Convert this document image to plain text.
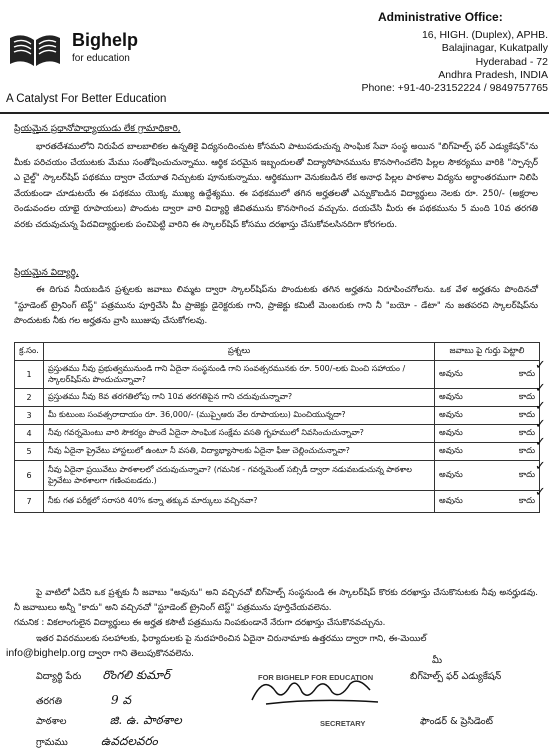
Bighelp
for education
Administrative Office:
16, HIGH. (Duplex), APHB.
Balajinagar, Kukatpally
Hyderabad - 72
Andhra Pradesh, INDIA
Phone: +91-40-23152224 / 9849757765
A Catalyst For Better Education
ప్రియమైన ప్రధానోపాధ్యాయుడు లేక గ్రామాధికారి,
భారతదేశములోని నిరుపేద బాలబాలికల ఉన్నతికై విద్యనందించుట కోసమని పాటుపడుచున్న సాంఘిక సేవా సంస్థ అయిన "బిగ్‌హెల్ప్ ఫర్ ఎడ్యుకేషన్"ను మీకు పరిచయం చేయుటకు మేము సంతోషించుచున్నాము. ఆర్థిక పరమైన ఇబ్బందులతో విద్యాసోపానమును కొనసాగించలేని పిల్లల సౌకర్యము వారికి "స్పాన్సర్ ఎ చైల్డ్" స్కాలర్‌షిప్ పథకము ద్వారా చేయూత నిచ్చుటకు పూనుకున్నాము. ఆర్థికముగా వెనుకబడిన లేక అనాధ పిల్లల పాఠశాల విద్యను అర్ధాంతరముగా నిలిపి వేయకుండా చూడుటయే ఈ పథకము యొక్క ముఖ్య ఉద్దేశ్యము. ఈ పథకములో తగిన అర్హతలతో ఎన్నుకొబడిన విద్యార్థులు నెలకు రూ. 250/- (అక్షరాల రెండువందల యాభై రూపాయలు) పొందుట ద్వారా వారి విద్యార్థి జీవితమును కొనసాగించ వచ్చును. దయచేసి మీరు ఈ పథకమును 5 మంది 10వ తరగతి వరకు చదువుచున్న పేదవిద్యార్థులకు పంచిపెట్టి వారిని ఈ స్కాలర్‌షిప్ కోసము దరఖాస్తు చేసుకోవలసినదిగా కోరగలరు.
ప్రియమైన విద్యార్థి,
ఈ దిగువ నీయబడిన ప్రశ్నలకు జవాబు లిమ్మట ద్వారా స్కాలర్‌షిప్‌ను పొందుటకు తగిన అర్హతను నిరూపించగోలను. ఒక వేళ అర్హతను పొందినచో "స్టూడెంట్ ట్రైనింగ్ టెస్ట్" పత్రమును పూర్తిచేసి మీ ప్రాజెక్టు డైరెక్టరుకు గాని, ప్రాజెక్టు కమిటీ మెంబరుకు గాని నీ "బయో - డేటా" ను జతపరచి స్కాలర్‌షిప్‌ను పొందుటకు నీకు గల అర్హతను వ్రాసి ఋజువు చేసుకోగలవు.
క్ర.సం.	ప్రశ్నలు	జవాబు పై గుర్తు పెట్టాలి
1	ప్రస్తుతము నీవు ప్రభుత్వమునుండి గాని ఏదైనా సంస్థనుండి గాని సంవత్సరమునకు రూ. 500/-లకు మించి సహాయం / స్కాలర్‌షిప్‌ను పొందుచున్నావా?	అవును కాదు ✓

2	ప్రస్తుతము నీవు 8వ తరగతిలోపు గాని 10వ తరగతిపైన గాని చదువుచున్నావా?	అవును కాదు ✓

3	మీ కుటుంబ సంవత్సరాదాయం రూ. 36,000/- (ముప్పైఆరు వేల రూపాయలు) మించియున్నదా?	అవును కాదు ✓

4	నీవు గవర్నమెంటు వారి సౌకర్యం పొందే ఏదైనా సాంఘిక సంక్షేమ వసతి గృహములో నివసించుచున్నావా?	అవును కాదు ✓

5	నీవు ఏదైనా ప్రైవేటు హాస్టలులో ఉంటూ నీ వసతి, విద్యాభ్యాసాలకు ఏదైనా ఫీజు చెల్లించుచున్నావా?	అవును కాదు ✓

6	నీవు ఏదైనా ప్రయివేటు పాఠశాలలో చదువుచున్నావా? (గమనిక - గవర్నమెంట్ సబ్సిడీ ద్వారా నడువబడుచున్న పాఠశాల ప్రైవేటు పాఠశాలగా గణింపబడదు.)	అవును కాదు ✓

7	నీకు గత పరీక్షలో సరాసరి 40% కన్నా తక్కువ మార్కులు వచ్చినవా?	అవును కాదు ✓
పై వాటిలో ఏదేని ఒక ప్రశ్నకు నీ జవాబు "అవును" అని వచ్చినచో బిగ్‌హెల్ప్ సంస్థనుండి ఈ స్కాలర్‌షిప్ కొరకు దరఖాస్తు చేసుకొనుటకు నీవు అనర్హుడవు. నీ జవాబులు అన్నీ "కాదు" అని వచ్చినచో "స్టూడెంట్ ట్రైనింగ్ టెస్ట్" పత్రమును పూర్తిచేయవలెను.
గమనిక : వికలాంగులైన విద్యార్థులు ఈ అర్హత కసౌటీ పత్రమును నింపకుండానే నేరుగా దరఖాస్తు చేసుకొనవచ్చును.
ఇతర వివరములకు సలహాలకు, ఫిర్యాదులకు పై నుదహరించిన ఏదైనా చిరునామాకు ఉత్తరము ద్వారా గాని, ఈ-మెయిల్
info@bighelp.org ద్వారా గాని తెలుపుకొనవలెను.
విద్యార్థి పేరు రొంగలి కుమార్
తరగతి	9 వ
పాఠశాల	జి. ఉ. పాఠశాల
గ్రామము	ఉవదలవరం
మీ
బిగ్‌హెల్ప్ ఫర్ ఎడ్యుకేషన్
ఫౌండర్ & ప్రెసిడెంట్
FOR BIGHELP FOR EDUCATION
SECRETARY
